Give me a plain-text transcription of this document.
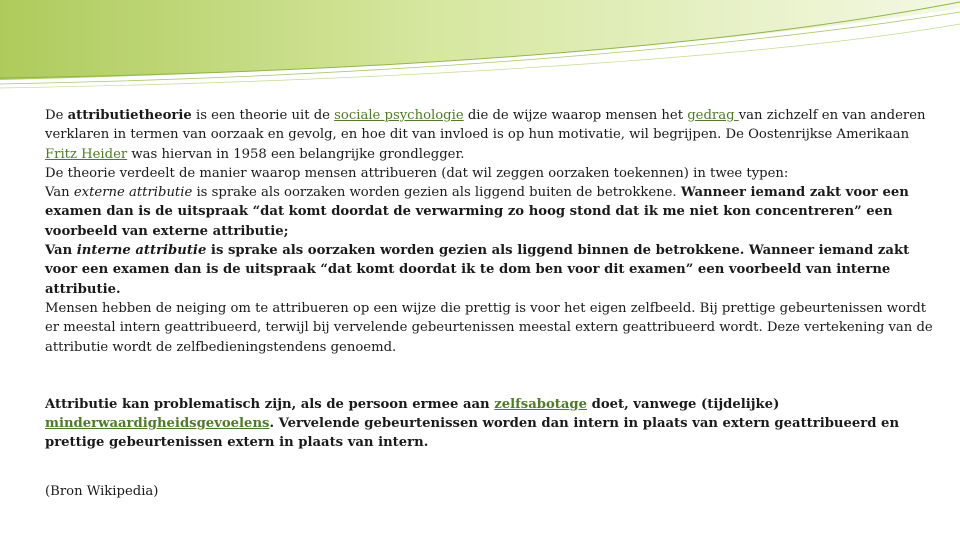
De attributietheorie is een theorie uit de sociale psychologie die de wijze waarop mensen het gedrag van zichzelf en van anderen verklaren in termen van oorzaak en gevolg, en hoe dit van invloed is op hun motivatie, wil begrijpen. De Oostenrijkse Amerikaan Fritz Heider was hiervan in 1958 een belangrijke grondlegger.

De theorie verdeelt de manier waarop mensen attribueren (dat wil zeggen oorzaken toekennen) in twee typen:

Van externe attributie is sprake als oorzaken worden gezien als liggend buiten de betrokkene. Wanneer iemand zakt voor een examen dan is de uitspraak “dat komt doordat de verwarming zo hoog stond dat ik me niet kon concentreren” een voorbeeld van externe attributie;

Van interne attributie is sprake als oorzaken worden gezien als liggend binnen de betrokkene. Wanneer iemand zakt voor een examen dan is de uitspraak “dat komt doordat ik te dom ben voor dit examen” een voorbeeld van interne attributie.

Mensen hebben de neiging om te attribueren op een wijze die prettig is voor het eigen zelfbeeld. Bij prettige gebeurtenissen wordt er meestal intern geattribueerd, terwijl bij vervelende gebeurtenissen meestal extern geattribueerd wordt. Deze vertekening van de attributie wordt de zelfbedieningstendens genoemd.

Attributie kan problematisch zijn, als de persoon ermee aan zelfsabotage doet, vanwege (tijdelijke) minderwaardigheidsgevoelens. Vervelende gebeurtenissen worden dan intern in plaats van extern geattribueerd en prettige gebeurtenissen extern in plaats van intern.

(Bron Wikipedia)
